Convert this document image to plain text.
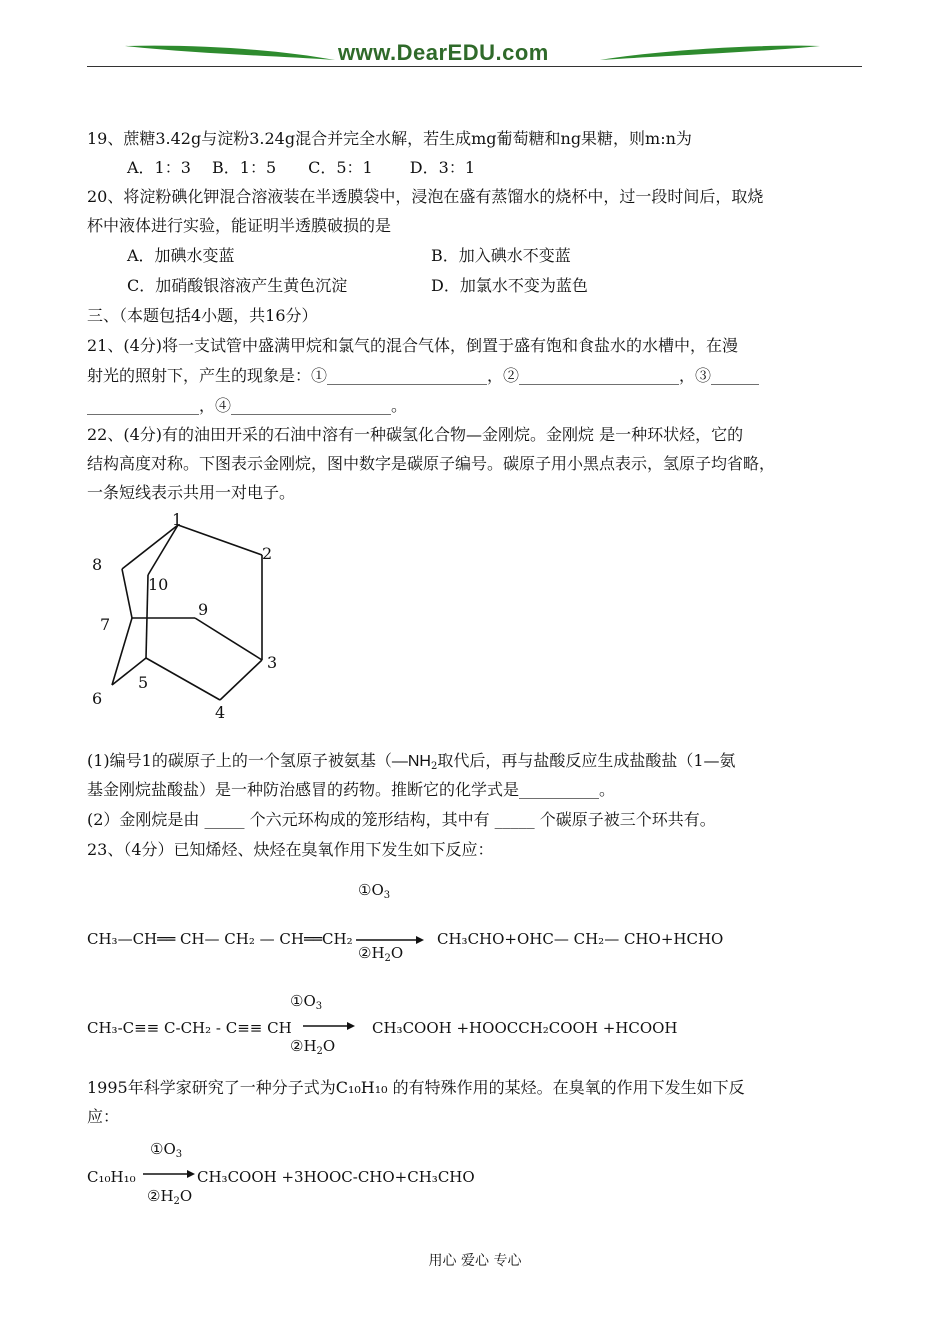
www.DearEDU.com
19、蔗糖3.42g与淀粉3.24g混合并完全水解，若生成mg葡萄糖和ng果糖，则m:n为
A．1：3　 B．1：5　　C．5：1　　 D．3：1
20、将淀粉碘化钾混合溶液装在半透膜袋中，浸泡在盛有蒸馏水的烧杯中，过一段时间后，取烧
杯中液体进行实验，能证明半透膜破损的是
A．加碘水变蓝	B．加入碘水不变蓝
C．加硝酸银溶液产生黄色沉淀	D．加氯水不变为蓝色
三、（本题包括4小题，共16分）
21、(4分)将一支试管中盛满甲烷和氯气的混合气体，倒置于盛有饱和食盐水的水槽中，在漫
射光的照射下，产生的现象是：①____________________，②____________________，③______
______________，④____________________。
22、(4分)有的油田开采的石油中溶有一种碳氢化合物—金刚烷。金刚烷 是一种环状烃，它的
结构高度对称。下图表示金刚烷，图中数字是碳原子编号。碳原子用小黑点表示，氢原子均省略，
一条短线表示共用一对电子。
1
2
3
4
5
6
7
8
9
10
(1)编号1的碳原子上的一个氢原子被氨基（$—NH_2$取代后，再与盐酸反应生成盐酸盐（1—氨
基金刚烷盐酸盐）是一种防治感冒的药物。推断它的化学式是__________。
(2）金刚烷是由 _____ 个六元环构成的笼形结构，其中有 _____ 个碳原子被三个环共有。
23、（4分）已知烯烃、炔烃在臭氧作用下发生如下反应：
$①O_3$
CH₃—CH══ CH— CH₂ — CH══CH₂	CH₃CHO+OHC— CH₂— CHO+HCHO
$②H_2O$
$①O_3$
CH₃-C≡≡ C-CH₂ - C≡≡ CH	CH₃COOH +HOOCCH₂COOH +HCOOH
$②H_2O$
1995年科学家研究了一种分子式为C₁₀H₁₀ 的有特殊作用的某烃。在臭氧的作用下发生如下反
应：
$①O_3$
C₁₀H₁₀	CH₃COOH +3HOOC-CHO+CH₃CHO
$②H_2O$
用心 爱心 专心
